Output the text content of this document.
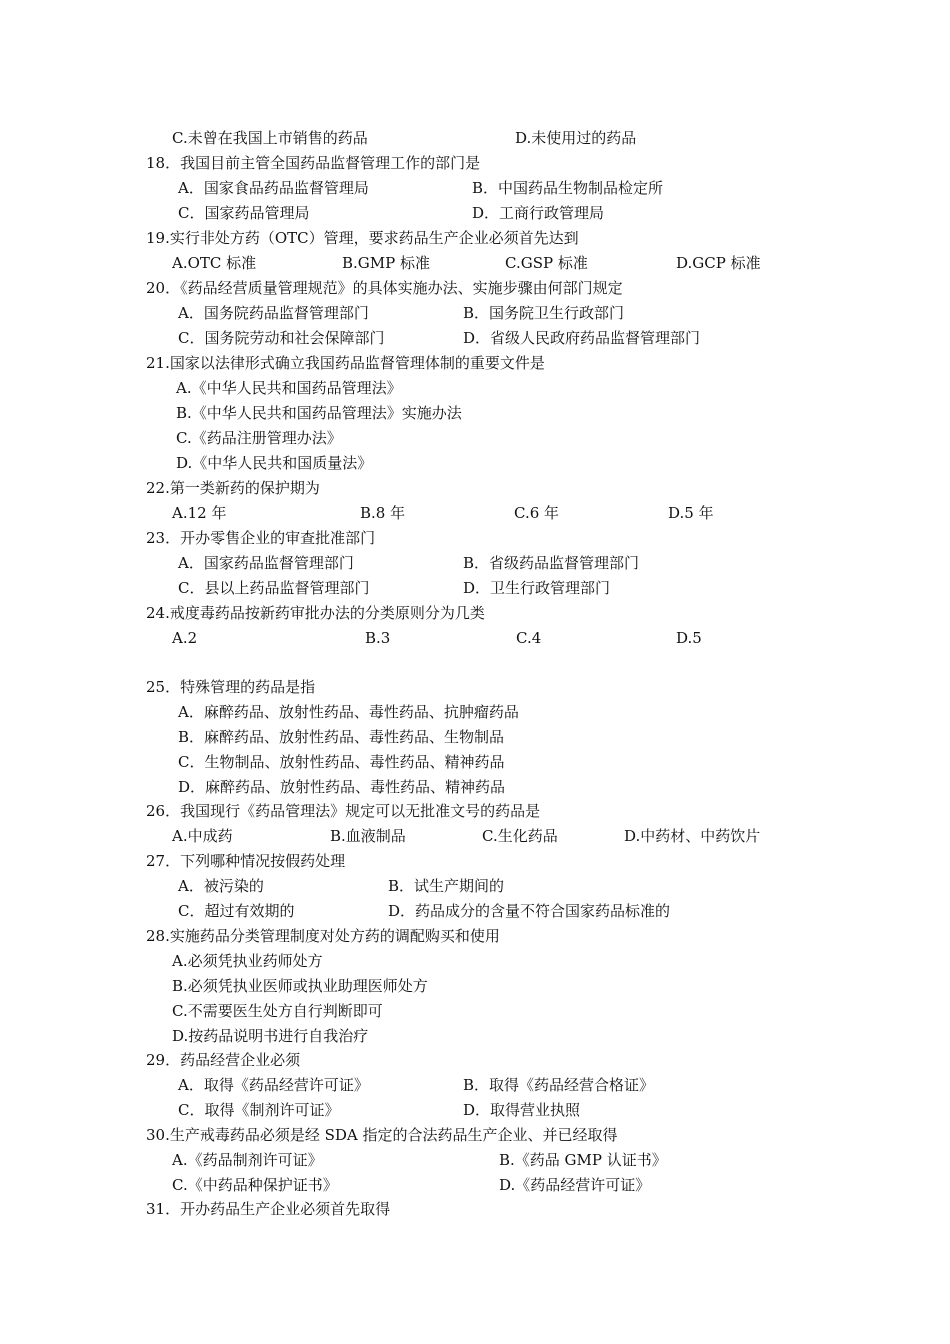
C.未曾在我国上市销售的药品	D.未使用过的药品
18．我国目前主管全国药品监督管理工作的部门是
A．国家食品药品监督管理局	B．中国药品生物制品检定所
C．国家药品管理局	D．工商行政管理局
19.实行非处方药（OTC）管理，要求药品生产企业必须首先达到
A.OTC 标准	B.GMP 标准	C.GSP 标准	D.GCP 标准
20．《药品经营质量管理规范》的具体实施办法、实施步骤由何部门规定
A．国务院药品监督管理部门	B．国务院卫生行政部门
C．国务院劳动和社会保障部门	D．省级人民政府药品监督管理部门
21.国家以法律形式确立我国药品监督管理体制的重要文件是
A.《中华人民共和国药品管理法》
B.《中华人民共和国药品管理法》实施办法
C.《药品注册管理办法》
D.《中华人民共和国质量法》
22.第一类新药的保护期为
A.12 年	B.8 年	C.6 年	D.5 年
23．开办零售企业的审查批准部门
A．国家药品监督管理部门	B．省级药品监督管理部门
C．县以上药品监督管理部门	D．卫生行政管理部门
24.戒度毒药品按新药审批办法的分类原则分为几类
A.2	B.3	C.4	D.5
25．特殊管理的药品是指
A．麻醉药品、放射性药品、毒性药品、抗肿瘤药品
B．麻醉药品、放射性药品、毒性药品、生物制品
C．生物制品、放射性药品、毒性药品、精神药品
D．麻醉药品、放射性药品、毒性药品、精神药品
26．我国现行《药品管理法》规定可以无批准文号的药品是
A.中成药	B.血液制品	C.生化药品	D.中药材、中药饮片
27．下列哪种情况按假药处理
A．被污染的	B．试生产期间的
C．超过有效期的	D．药品成分的含量不符合国家药品标准的
28.实施药品分类管理制度对处方药的调配购买和使用
A.必须凭执业药师处方
B.必须凭执业医师或执业助理医师处方
C.不需要医生处方自行判断即可
D.按药品说明书进行自我治疗
29．药品经营企业必须
A．取得《药品经营许可证》	B．取得《药品经营合格证》
C．取得《制剂许可证》	D．取得营业执照
30.生产戒毒药品必须是经 SDA 指定的合法药品生产企业、并已经取得
A.《药品制剂许可证》	B.《药品 GMP 认证书》
C.《中药品种保护证书》	D.《药品经营许可证》
31．开办药品生产企业必须首先取得
